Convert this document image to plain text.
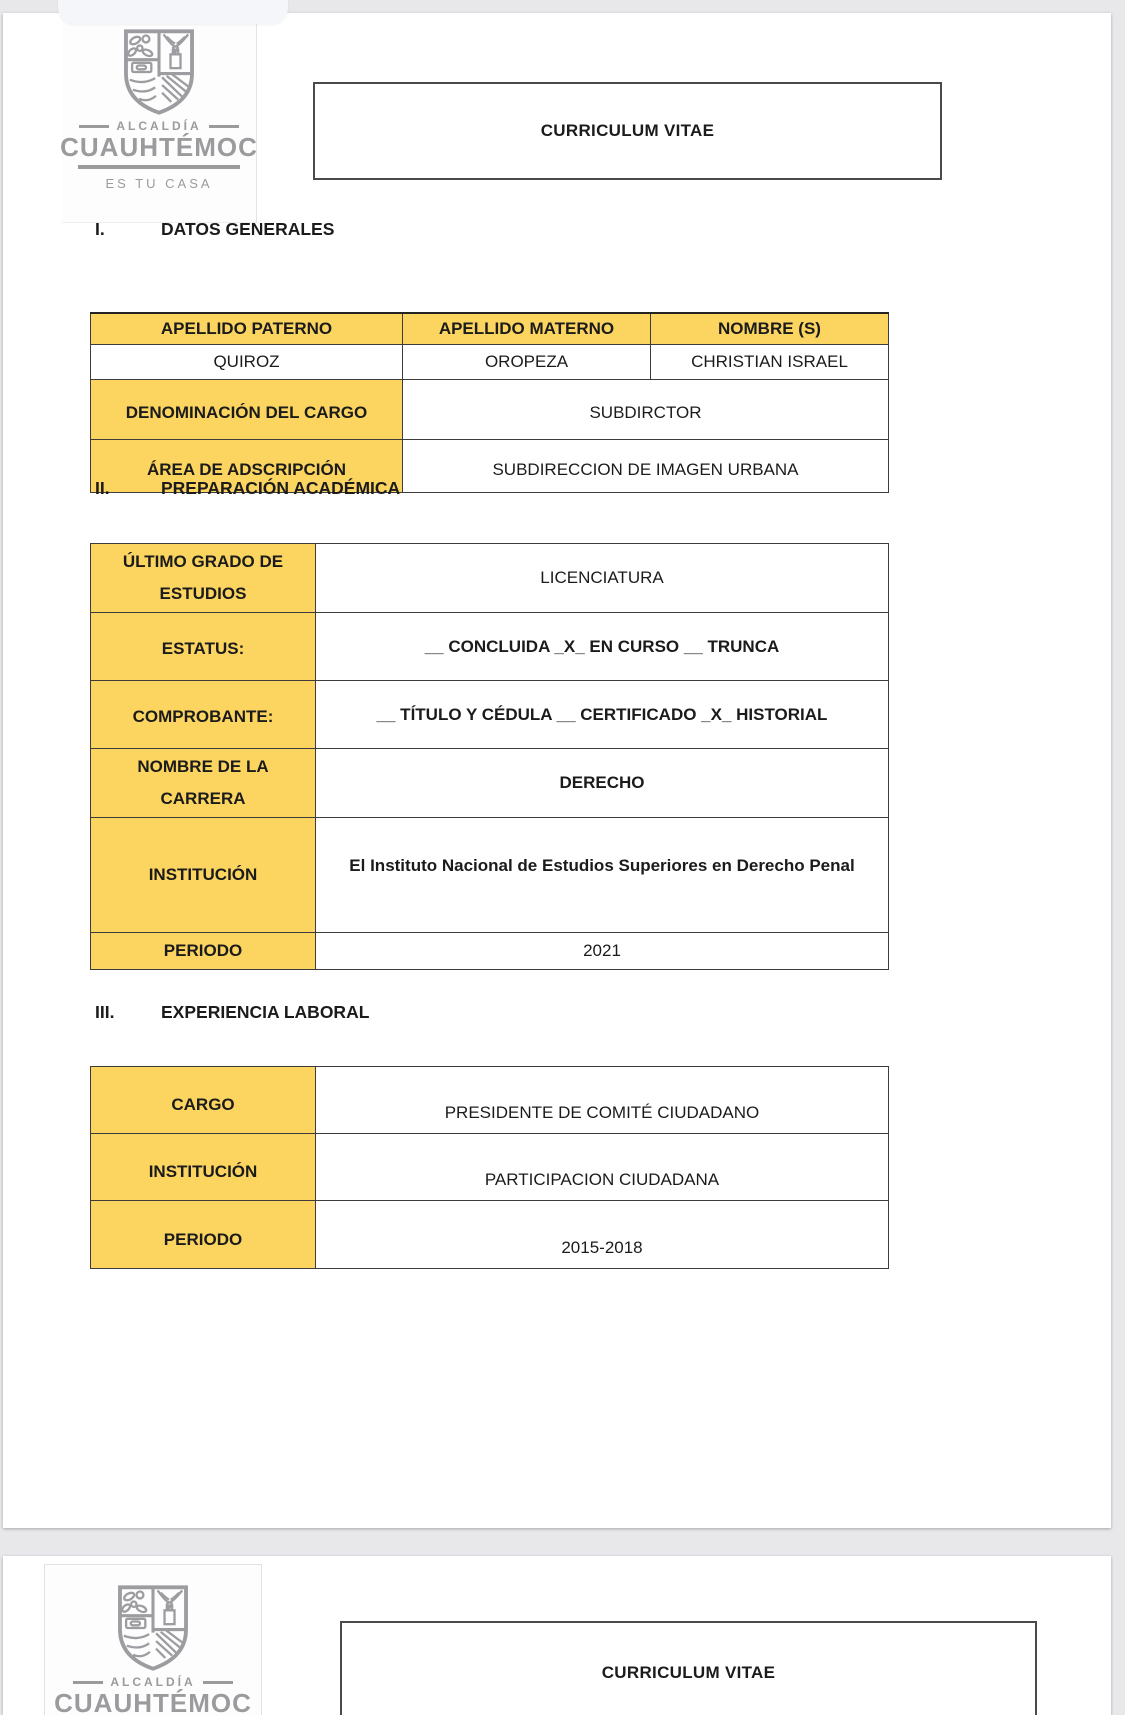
ALCALDÍA
CUAUHTÉMOC
ES TU CASA
CURRICULUM VITAE
I.	DATOS GENERALES
APELLIDO PATERNO	APELLIDO MATERNO	NOMBRE (S)
QUIROZ	OROPEZA	CHRISTIAN ISRAEL
DENOMINACIÓN DEL CARGO	SUBDIRCTOR	
ÁREA DE ADSCRIPCIÓN	SUBDIRECCION DE IMAGEN URBANA	
II.	PREPARACIÓN ACADÉMICA
ÚLTIMO GRADO DE ESTUDIOS	LICENCIATURA
ESTATUS:	__ CONCLUIDA _X_ EN CURSO __ TRUNCA
COMPROBANTE:	__ TÍTULO Y CÉDULA __ CERTIFICADO _X_ HISTORIAL
NOMBRE DE LA CARRERA	DERECHO
INSTITUCIÓN	El Instituto Nacional de Estudios Superiores en Derecho Penal
PERIODO	2021
III.	EXPERIENCIA LABORAL
CARGO	PRESIDENTE DE COMITÉ CIUDADANO
INSTITUCIÓN	PARTICIPACION CIUDADANA
PERIODO	2015-2018
ALCALDÍA
CUAUHTÉMOC
CURRICULUM VITAE
